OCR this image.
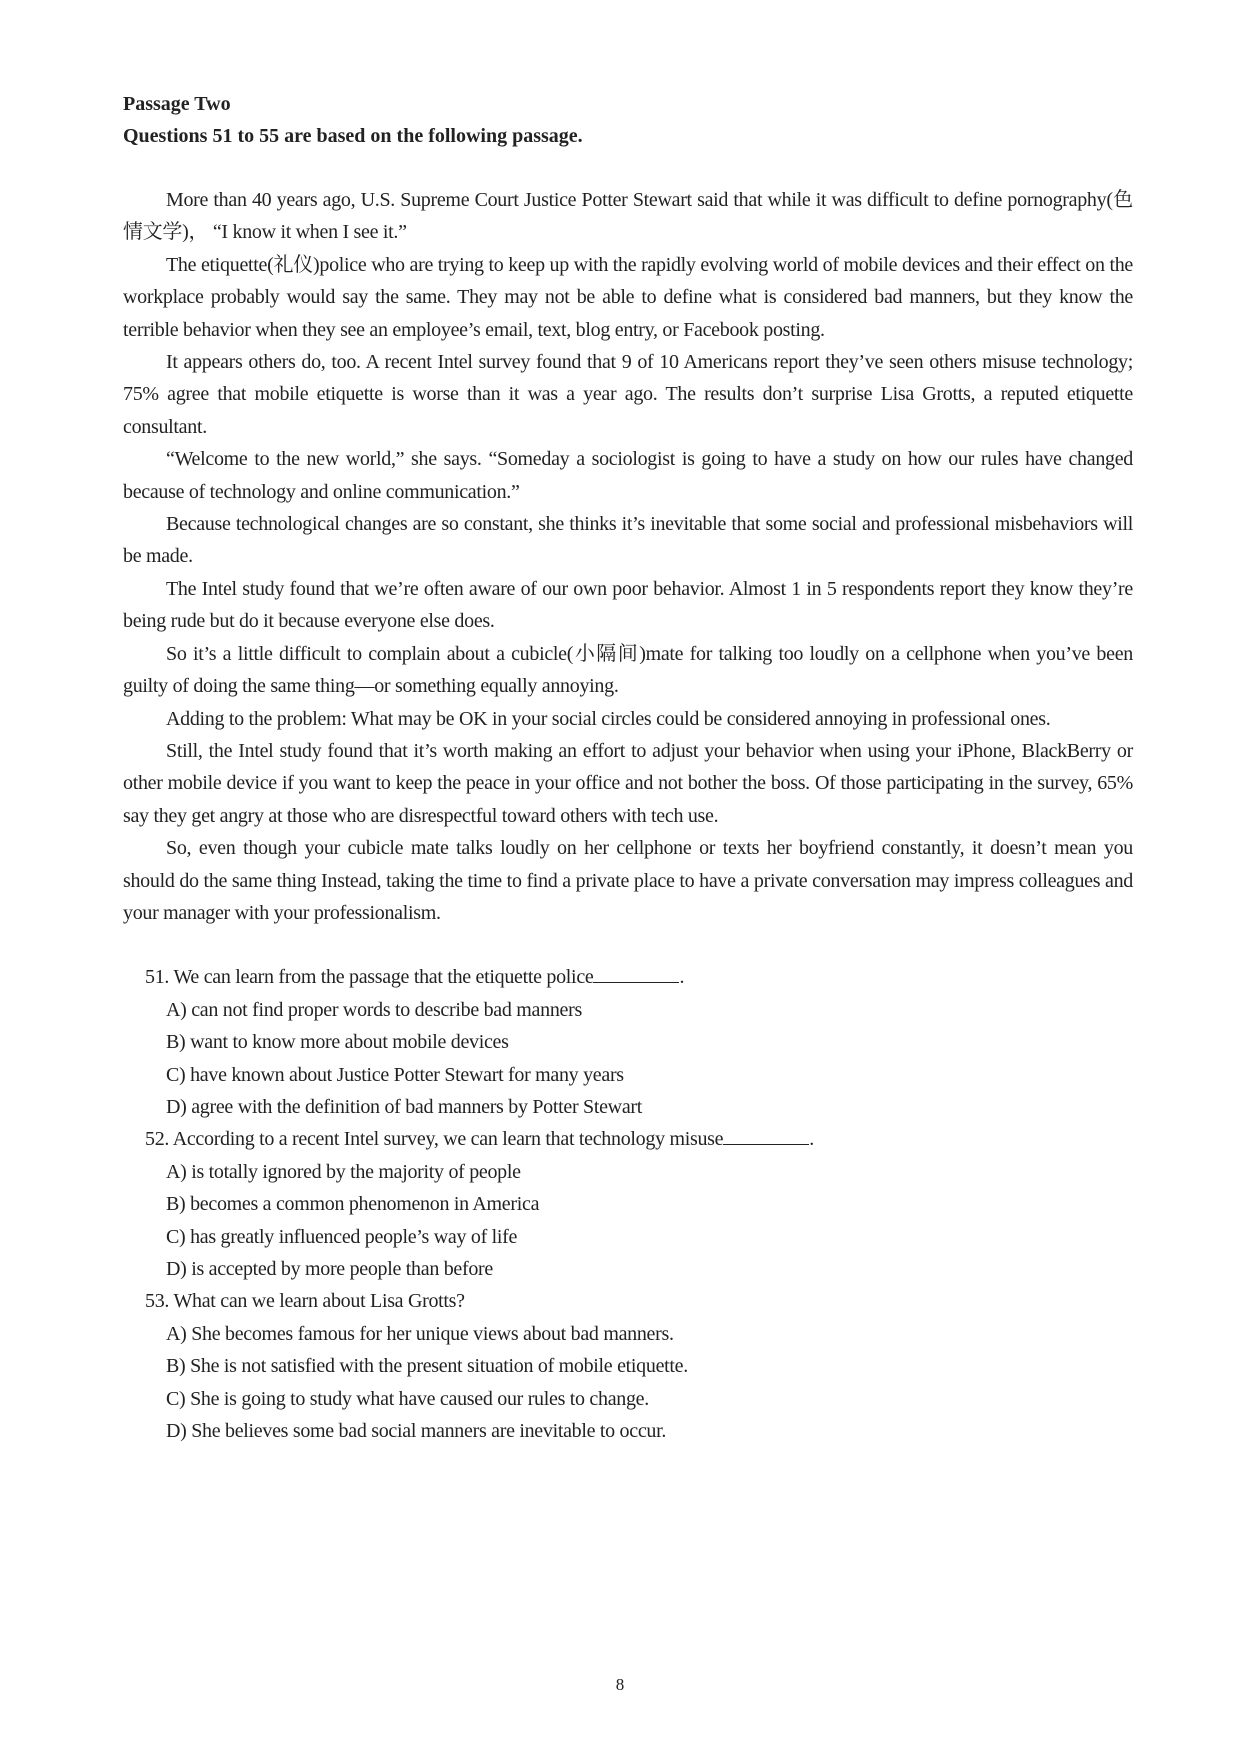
Passage Two

Questions 51 to 55 are based on the following passage.

More than 40 years ago, U.S. Supreme Court Justice Potter Stewart said that while it was difficult to define pornography(色情文学)， “I know it when I see it.”

The etiquette(礼仪)police who are trying to keep up with the rapidly evolving world of mobile devices and their effect on the workplace probably would say the same. They may not be able to define what is considered bad manners, but they know the terrible behavior when they see an employee’s email, text, blog entry, or Facebook posting.

It appears others do, too. A recent Intel survey found that 9 of 10 Americans report they’ve seen others misuse technology; 75% agree that mobile etiquette is worse than it was a year ago. The results don’t surprise Lisa Grotts, a reputed etiquette consultant.

“Welcome to the new world,” she says. “Someday a sociologist is going to have a study on how our rules have changed because of technology and online communication.”

Because technological changes are so constant, she thinks it’s inevitable that some social and professional misbehaviors will be made.

The Intel study found that we’re often aware of our own poor behavior. Almost 1 in 5 respondents report they know they’re being rude but do it because everyone else does.

So it’s a little difficult to complain about a cubicle(小隔间)mate for talking too loudly on a cellphone when you’ve been guilty of doing the same thing—or something equally annoying.

Adding to the problem: What may be OK in your social circles could be considered annoying in professional ones.

Still, the Intel study found that it’s worth making an effort to adjust your behavior when using your iPhone, BlackBerry or other mobile device if you want to keep the peace in your office and not bother the boss. Of those participating in the survey, 65% say they get angry at those who are disrespectful toward others with tech use.

So, even though your cubicle mate talks loudly on her cellphone or texts her boyfriend constantly, it doesn’t mean you should do the same thing Instead, taking the time to find a private place to have a private conversation may impress colleagues and your manager with your professionalism.

51. We can learn from the passage that the etiquette police	.

A) can not find proper words to describe bad manners

B) want to know more about mobile devices

C) have known about Justice Potter Stewart for many years

D) agree with the definition of bad manners by Potter Stewart

52. According to a recent Intel survey, we can learn that technology misuse	.

A) is totally ignored by the majority of people

B) becomes a common phenomenon in America

C) has greatly influenced people’s way of life

D) is accepted by more people than before

53. What can we learn about Lisa Grotts?

A) She becomes famous for her unique views about bad manners.

B) She is not satisfied with the present situation of mobile etiquette.

C) She is going to study what have caused our rules to change.

D) She believes some bad social manners are inevitable to occur.

8
